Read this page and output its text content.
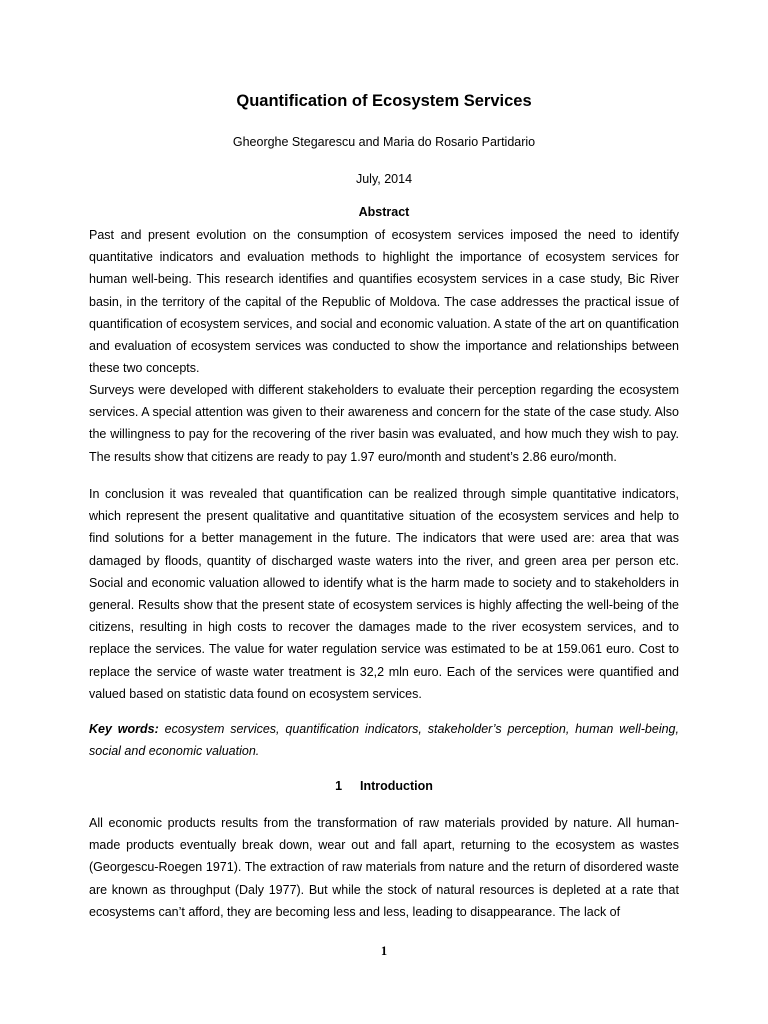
Quantification of Ecosystem Services
Gheorghe Stegarescu and Maria do Rosario Partidario
July, 2014
Abstract

Past and present evolution on the consumption of ecosystem services imposed the need to identify quantitative indicators and evaluation methods to highlight the importance of ecosystem services for human well-being. This research identifies and quantifies ecosystem services in a case study, Bic River basin, in the territory of the capital of the Republic of Moldova. The case addresses the practical issue of quantification of ecosystem services, and social and economic valuation. A state of the art on quantification and evaluation of ecosystem services was conducted to show the importance and relationships between these two concepts.

Surveys were developed with different stakeholders to evaluate their perception regarding the ecosystem services. A special attention was given to their awareness and concern for the state of the case study. Also the willingness to pay for the recovering of the river basin was evaluated, and how much they wish to pay. The results show that citizens are ready to pay 1.97 euro/month and student’s 2.86 euro/month.

In conclusion it was revealed that quantification can be realized through simple quantitative indicators, which represent the present qualitative and quantitative situation of the ecosystem services and help to find solutions for a better management in the future. The indicators that were used are: area that was damaged by floods, quantity of discharged waste waters into the river, and green area per person etc. Social and economic valuation allowed to identify what is the harm made to society and to stakeholders in general. Results show that the present state of ecosystem services is highly affecting the well-being of the citizens, resulting in high costs to recover the damages made to the river ecosystem services, and to replace the services. The value for water regulation service was estimated to be at 159.061 euro. Cost to replace the service of waste water treatment is 32,2 mln euro. Each of the services were quantified and valued based on statistic data found on ecosystem services.

Key words: ecosystem services, quantification indicators, stakeholder’s perception, human well-being, social and economic valuation.

1 Introduction

All economic products results from the transformation of raw materials provided by nature. All human-made products eventually break down, wear out and fall apart, returning to the ecosystem as wastes (Georgescu-Roegen 1971). The extraction of raw materials from nature and the return of disordered waste are known as throughput (Daly 1977). But while the stock of natural resources is depleted at a rate that ecosystems can’t afford, they are becoming less and less, leading to disappearance. The lack of

1
